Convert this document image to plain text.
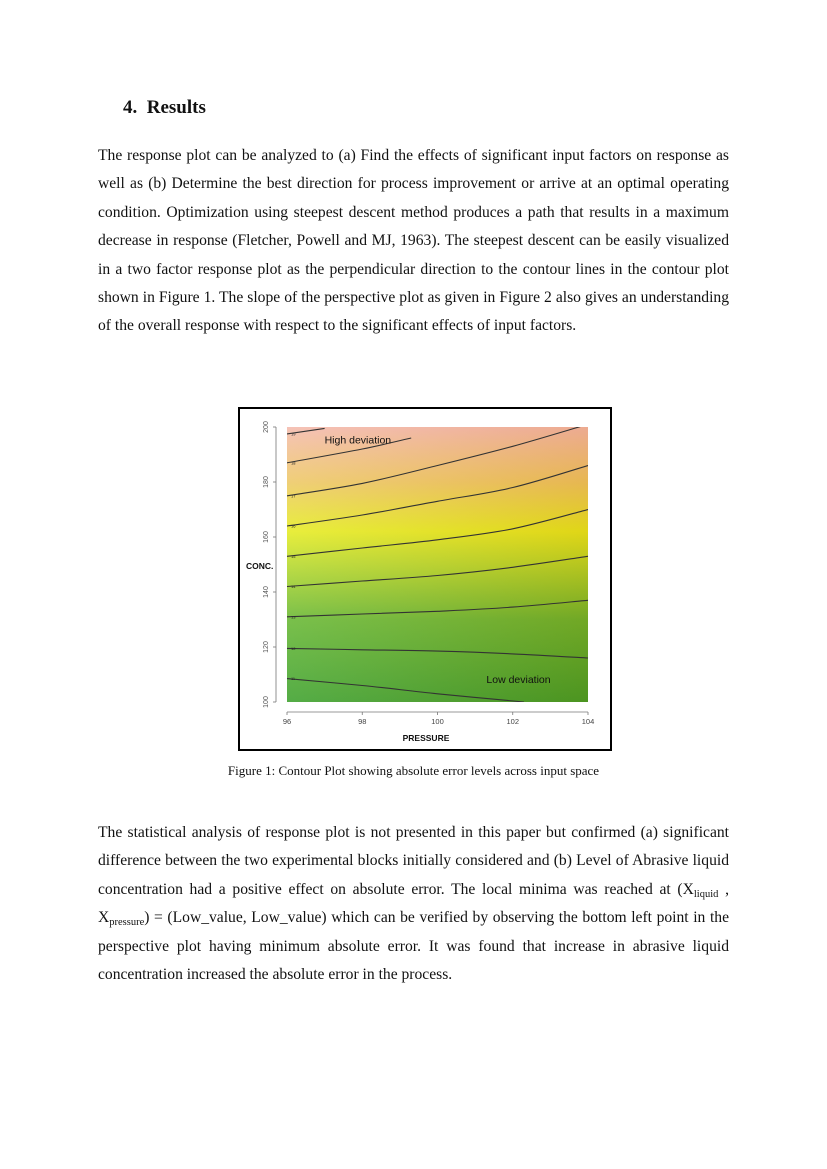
4. Results

The response plot can be analyzed to (a) Find the effects of significant input factors on response as well as (b) Determine the best direction for process improvement or arrive at an optimal operating condition. Optimization using steepest descent method produces a path that results in a maximum decrease in response (Fletcher, Powell and MJ, 1963). The steepest descent can be easily visualized in a two factor response plot as the perpendicular direction to the contour lines in the contour plot shown in Figure 1. The slope of the perspective plot as given in Figure 2 also gives an understanding of the overall response with respect to the significant effects of input factors.

11
12
13
14
15
16
17
18
19
100
120
140
160
180
200
96	98	100	102	104
High deviation
Low deviation
CONC.
PRESSURE
Figure 1: Contour Plot showing absolute error levels across input space

The statistical analysis of response plot is not presented in this paper but confirmed (a) significant difference between the two experimental blocks initially considered and (b) Level of Abrasive liquid concentration had a positive effect on absolute error. The local minima was reached at ($X_{liquid}$ , $X_{pressure}$) = (Low_value, Low_value) which can be verified by observing the bottom left point in the perspective plot having minimum absolute error. It was found that increase in abrasive liquid concentration increased the absolute error in the process.
